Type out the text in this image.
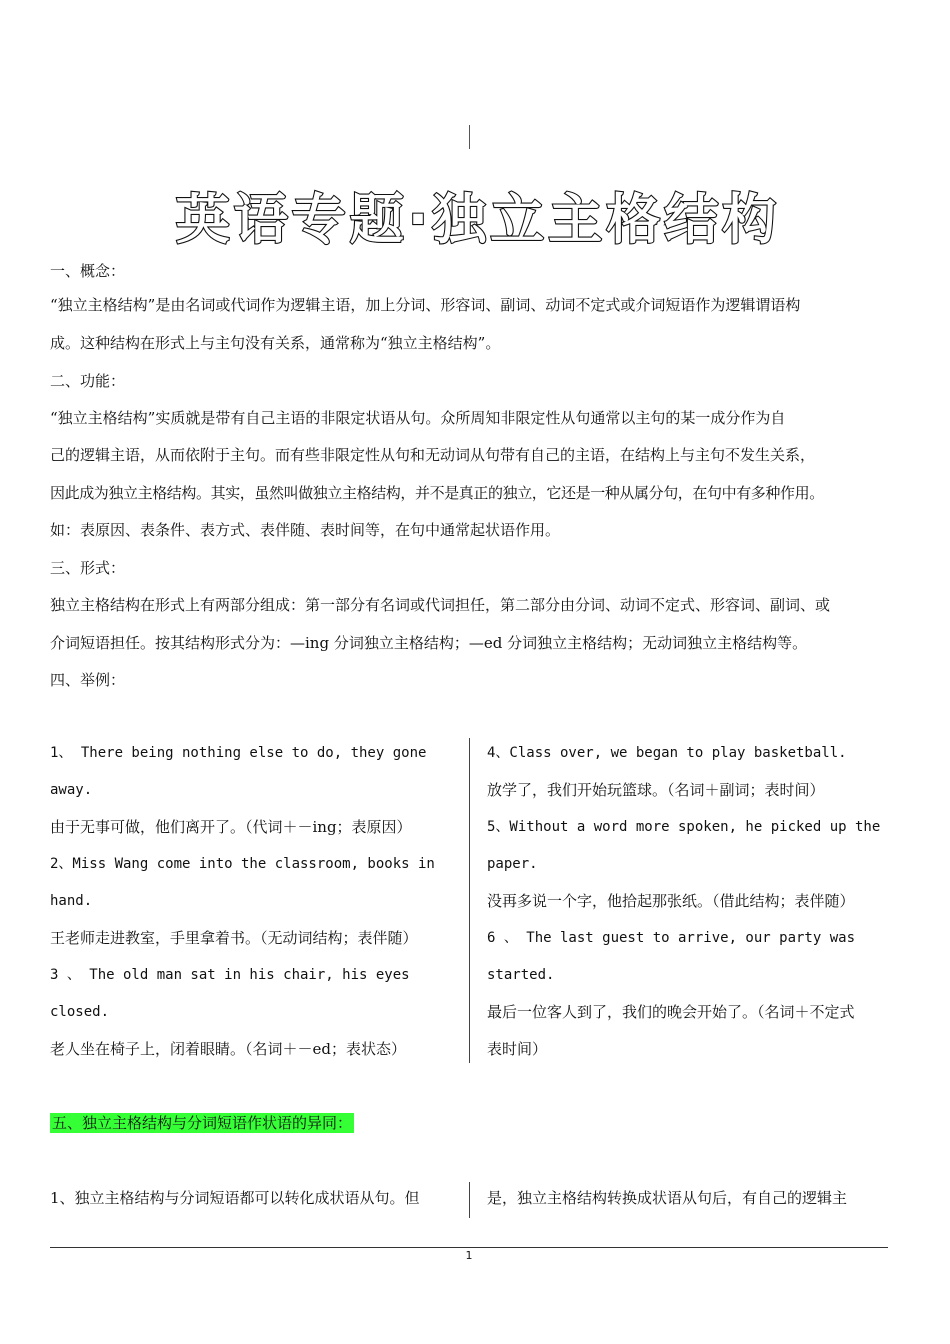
英语专题·独立主格结构
一、概念：
“独立主格结构”是由名词或代词作为逻辑主语，加上分词、形容词、副词、动词不定式或介词短语作为逻辑谓语构
成。这种结构在形式上与主句没有关系，通常称为“独立主格结构”。
二、功能：
“独立主格结构”实质就是带有自己主语的非限定状语从句。众所周知非限定性从句通常以主句的某一成分作为自
己的逻辑主语，从而依附于主句。而有些非限定性从句和无动词从句带有自己的主语，在结构上与主句不发生关系，
因此成为独立主格结构。其实，虽然叫做独立主格结构，并不是真正的独立，它还是一种从属分句，在句中有多种作用。
如：表原因、表条件、表方式、表伴随、表时间等，在句中通常起状语作用。
三、形式：
独立主格结构在形式上有两部分组成：第一部分有名词或代词担任，第二部分由分词、动词不定式、形容词、副词、或
介词短语担任。按其结构形式分为：—ing 分词独立主格结构；—ed 分词独立主格结构；无动词独立主格结构等。
四、举例：
1、 There being nothing else to do, they gone
away.
由于无事可做，他们离开了。（代词＋－ing；表原因）
2、Miss Wang come into the classroom, books in
hand.
王老师走进教室，手里拿着书。（无动词结构；表伴随）
3 、 The old man sat in his chair, his eyes
closed.
老人坐在椅子上，闭着眼睛。（名词＋－ed；表状态）
4、Class over, we began to play basketball.
放学了，我们开始玩篮球。（名词＋副词；表时间）
5、Without a word more spoken, he picked up the
paper.
没再多说一个字，他拾起那张纸。（借此结构；表伴随）
6 、 The last guest to arrive, our party was
started.
最后一位客人到了，我们的晚会开始了。（名词＋不定式
表时间）
五、独立主格结构与分词短语作状语的异同：
1、独立主格结构与分词短语都可以转化成状语从句。但	是，独立主格结构转换成状语从句后，有自己的逻辑主
1
